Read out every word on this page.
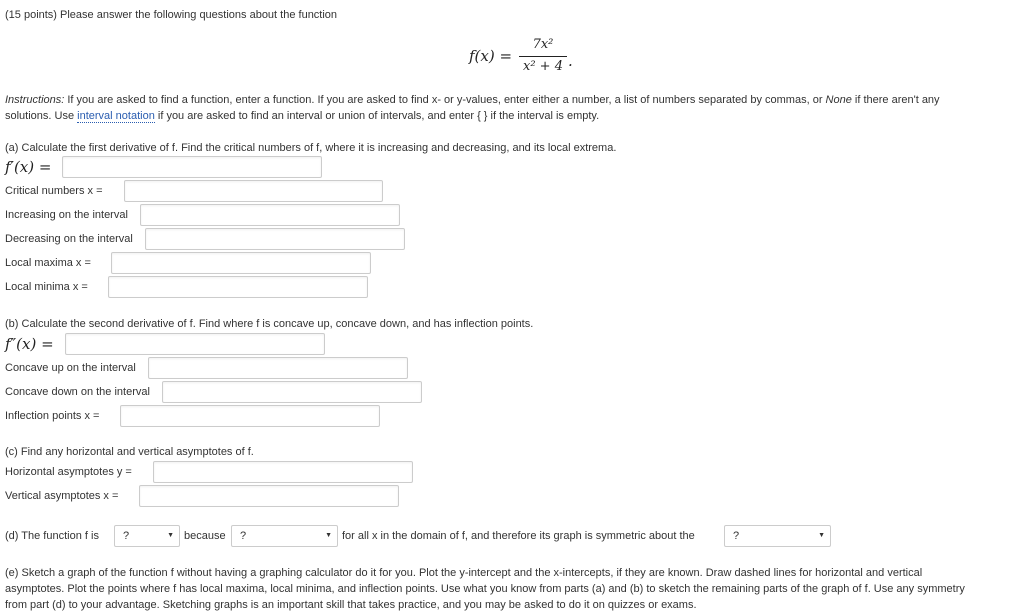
(15 points) Please answer the following questions about the function
f(x) =
7x²
x² + 4 .
Instructions: If you are asked to find a function, enter a function. If you are asked to find x- or y-values, enter either a number, a list of numbers separated by commas, or None if there aren't any
solutions. Use interval notation if you are asked to find an interval or union of intervals, and enter { } if the interval is empty.
(a) Calculate the first derivative of f. Find the critical numbers of f, where it is increasing and decreasing, and its local extrema.
f′(x) =
Critical numbers x =
Increasing on the interval
Decreasing on the interval
Local maxima x =
Local minima x =
(b) Calculate the second derivative of f. Find where f is concave up, concave down, and has inflection points.
f″(x) =
Concave up on the interval
Concave down on the interval
Inflection points x =
(c) Find any horizontal and vertical asymptotes of f.
Horizontal asymptotes y =
Vertical asymptotes x =
(d) The function f is	?	▼ because	?	▼ for all x in the domain of f, and therefore its graph is symmetric about the	?	▼
(e) Sketch a graph of the function f without having a graphing calculator do it for you. Plot the y-intercept and the x-intercepts, if they are known. Draw dashed lines for horizontal and vertical
asymptotes. Plot the points where f has local maxima, local minima, and inflection points. Use what you know from parts (a) and (b) to sketch the remaining parts of the graph of f. Use any symmetry
from part (d) to your advantage. Sketching graphs is an important skill that takes practice, and you may be asked to do it on quizzes or exams.
